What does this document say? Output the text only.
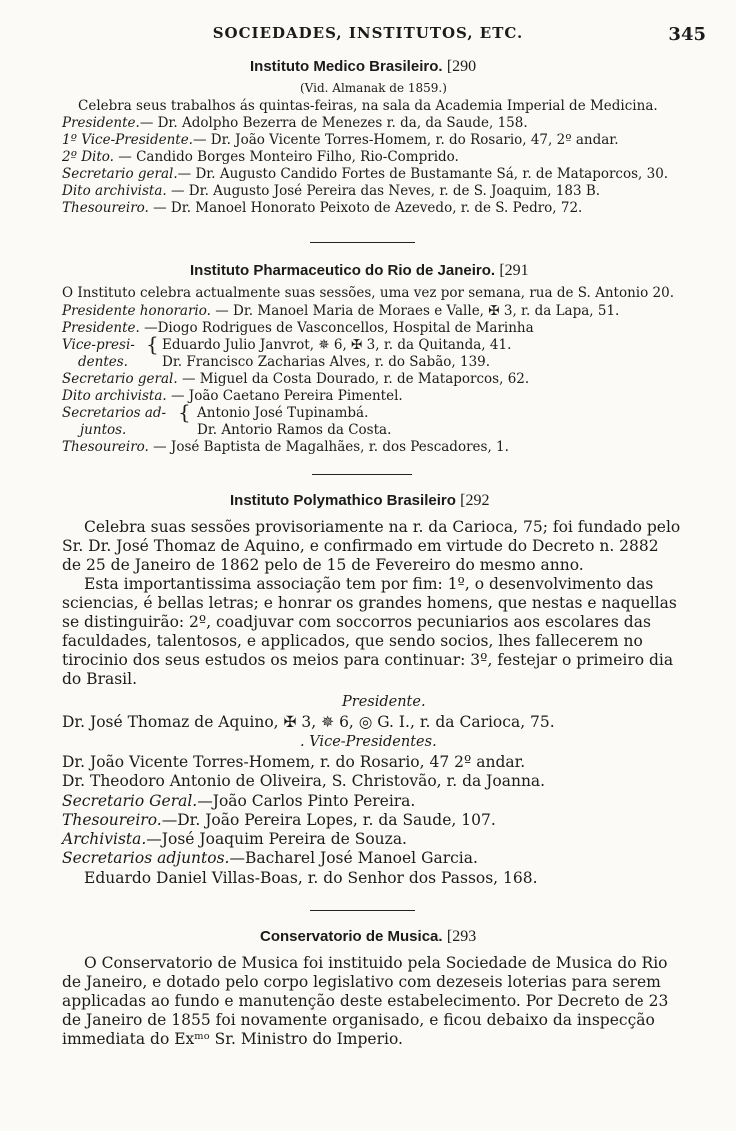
SOCIEDADES, INSTITUTOS, ETC.	345
Instituto Medico Brasileiro. [290
(Vid. Almanak de 1859.)
Celebra seus trabalhos ás quintas-feiras, na sala da Academia Imperial de Medicina.
Presidente.— Dr. Adolpho Bezerra de Menezes r. da, da Saude, 158.
1º Vice-Presidente.— Dr. João Vicente Torres-Homem, r. do Rosario, 47, 2º andar.
2º Dito. — Candido Borges Monteiro Filho, Rio-Comprido.
Secretario geral.— Dr. Augusto Candido Fortes de Bustamante Sá, r. de Mataporcos, 30.
Dito archivista. — Dr. Augusto José Pereira das Neves, r. de S. Joaquim, 183 B.
Thesoureiro. — Dr. Manoel Honorato Peixoto de Azevedo, r. de S. Pedro, 72.
Instituto Pharmaceutico do Rio de Janeiro. [291
O Instituto celebra actualmente suas sessões, uma vez por semana, rua de S. Antonio 20.
Presidente honorario. — Dr. Manoel Maria de Moraes e Valle, ✠ 3, r. da Lapa, 51.
Presidente. —Diogo Rodrigues de Vasconcellos, Hospital de Marinha
Vice-presi-
dentes.
{ Eduardo Julio Janvrot, ✵ 6, ✠ 3, r. da Quitanda, 41.
Dr. Francisco Zacharias Alves, r. do Sabão, 139.
Secretario geral. — Miguel da Costa Dourado, r. de Mataporcos, 62.
Dito archivista. — João Caetano Pereira Pimentel.
Secretarios ad-
juntos.
{ Antonio José Tupinambá.
Dr. Antorio Ramos da Costa.
Thesoureiro. — José Baptista de Magalhães, r. dos Pescadores, 1.
Instituto Polymathico Brasileiro [292
Celebra suas sessões provisoriamente na r. da Carioca, 75; foi fundado pelo
Sr. Dr. José Thomaz de Aquino, e confirmado em virtude do Decreto n. 2882
de 25 de Janeiro de 1862 pelo de 15 de Fevereiro do mesmo anno.
Esta importantissima associação tem por fim: 1º, o desenvolvimento das
sciencias, é bellas letras; e honrar os grandes homens, que nestas e naquellas
se distinguirão: 2º, coadjuvar com soccorros pecuniarios aos escolares das
faculdades, talentosos, e applicados, que sendo socios, lhes fallecerem no
tirocinio dos seus estudos os meios para continuar: 3º, festejar o primeiro dia
do Brasil.
Presidente.
Dr. José Thomaz de Aquino, ✠ 3, ✵ 6, ◎ G. I., r. da Carioca, 75.
. Vice-Presidentes.
Dr. João Vicente Torres-Homem, r. do Rosario, 47 2º andar.
Dr. Theodoro Antonio de Oliveira, S. Christovão, r. da Joanna.
Secretario Geral.—João Carlos Pinto Pereira.
Thesoureiro.—Dr. João Pereira Lopes, r. da Saude, 107.
Archivista.—José Joaquim Pereira de Souza.
Secretarios adjuntos.—Bacharel José Manoel Garcia.
Eduardo Daniel Villas-Boas, r. do Senhor dos Passos, 168.
Conservatorio de Musica. [293
O Conservatorio de Musica foi instituido pela Sociedade de Musica do Rio
de Janeiro, e dotado pelo corpo legislativo com dezeseis loterias para serem
applicadas ao fundo e manutenção deste estabelecimento. Por Decreto de 23
de Janeiro de 1855 foi novamente organisado, e ficou debaixo da inspecção
immediata do Exᵐᵒ Sr. Ministro do Imperio.
